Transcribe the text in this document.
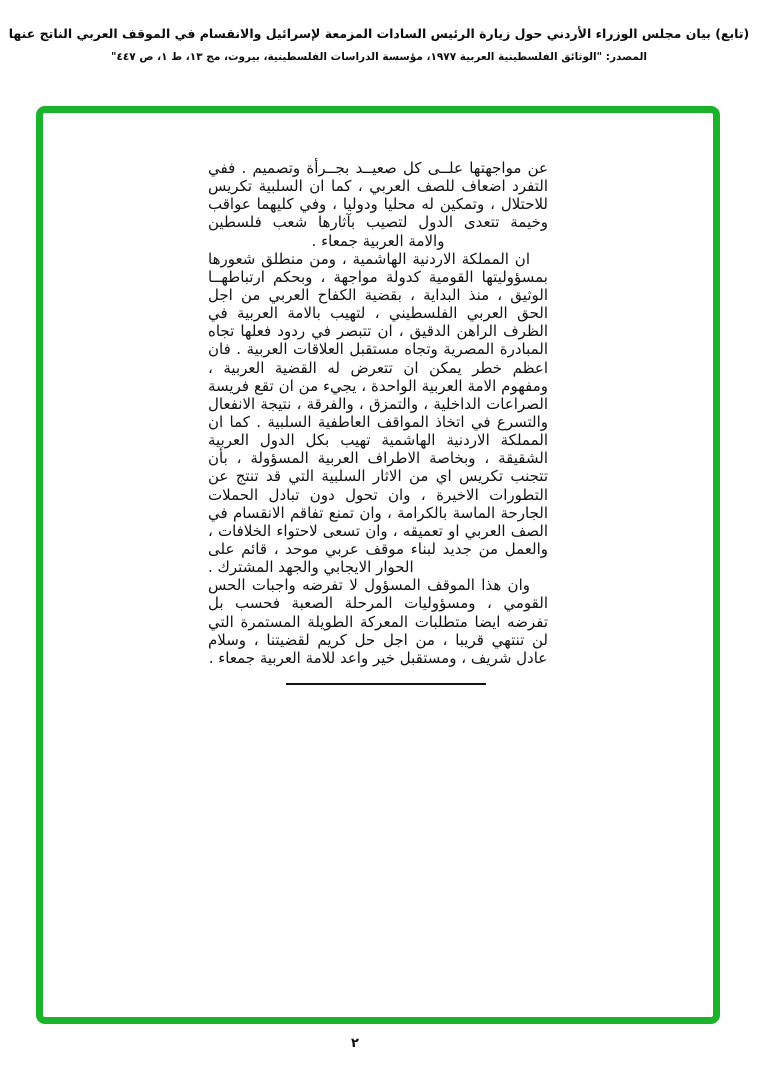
(تابع) بيان مجلس الوزراء الأردني حول زيارة الرئيس السادات المزمعة لإسرائيل والانقسام في الموقف العربي الناتج عنها
المصدر: "الوثائق الفلسطينية العربية ١٩٧٧، مؤسسة الدراسات الفلسطينية، بيروت، مج ١٣، ط ١، ص ٤٤٧"

عن مواجهتها علــى كل صعيــد بجــرأة وتصميم . ففي التفرد اضعاف للصف العربي ، كما ان السلبية تكريس للاحتلال ، وتمكين له محليا ودوليا ، وفي كليهما عواقب وخيمة تتعدى الدول لتصيب بآثارها شعب فلسطين والامة العربية جمعاء .

ان المملكة الاردنية الهاشمية ، ومن منطلق شعورها بمسؤوليتها القومية كدولة مواجهة ، وبحكم ارتباطهــا الوثيق ، منذ البداية ، بقضية الكفاح العربي من اجل الحق العربي الفلسطيني ، لتهيب بالامة العربية في الظرف الراهن الدقيق ، ان تتبصر في ردود فعلها تجاه المبادرة المصرية وتجاه مستقبل العلاقات العربية . فان اعظم خطر يمكن ان تتعرض له القضية العربية ، ومفهوم الامة العربية الواحدة ، يجيء من ان تقع فريسة الصراعات الداخلية ، والتمزق ، والفرقة ، نتيجة الانفعال والتسرع في اتخاذ المواقف العاطفية السلبية . كما ان المملكة الاردنية الهاشمية تهيب بكل الدول العربية الشقيقة ، وبخاصة الاطراف العربية المسؤولة ، بأن تتجنب تكريس اي من الاثار السلبية التي قد تنتج عن التطورات الاخيرة ، وان تحول دون تبادل الحملات الجارحة الماسة بالكرامة ، وان تمنع تفاقم الانقسام في الصف العربي او تعميقه ، وان تسعى لاحتواء الخلافات ، والعمل من جديد لبناء موقف عربي موحد ، قائم على الحوار الايجابي والجهد المشترك .

وان هذا الموقف المسؤول لا تفرضه واجبات الحس القومي ، ومسؤوليات المرحلة الصعبة فحسب بل تفرضه ايضا متطلبات المعركة الطويلة المستمرة التي لن تنتهي قريبا ، من اجل حل كريم لقضيتنا ، وسلام عادل شريف ، ومستقبل خير واعد للامة العربية جمعاء .

٢
